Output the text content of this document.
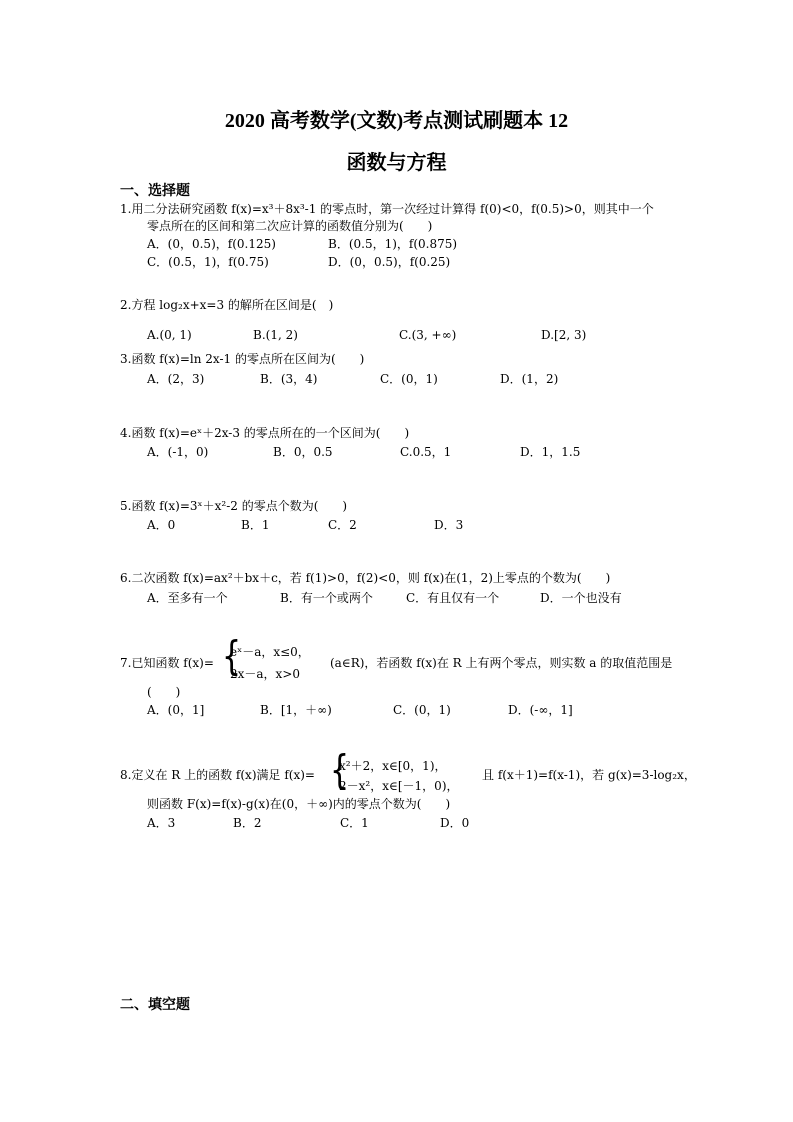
2020 高考数学(文数)考点测试刷题本 12
函数与方程
一、选择题
1.用二分法研究函数 f(x)=x³＋8x³-1 的零点时，第一次经过计算得 f(0)<0，f(0.5)>0，则其中一个
零点所在的区间和第二次应计算的函数值分别为(　　)
A．(0，0.5)，f(0.125)	B．(0.5，1)，f(0.875)
C．(0.5，1)，f(0.75)	D．(0，0.5)，f(0.25)
2.方程 log₂x+x=3 的解所在区间是(　)
A.(0, 1)	B.(1, 2)	C.(3, +∞)	D.[2, 3)
3.函数 f(x)=ln 2x-1 的零点所在区间为(　　)
A．(2，3)	B．(3，4)	C．(0，1)	D．(1，2)
4.函数 f(x)=eˣ＋2x-3 的零点所在的一个区间为(　　)
A．(-1，0)	B．0，0.5	C.0.5，1	D．1，1.5
5.函数 f(x)=3ˣ＋x²-2 的零点个数为(　　)
A．0	B．1	C．2	D．3
6.二次函数 f(x)=ax²＋bx＋c，若 f(1)>0，f(2)<0，则 f(x)在(1，2)上零点的个数为(　　)
A．至多有一个	B．有一个或两个	C．有且仅有一个	D．一个也没有
7.已知函数 f(x)= {
eˣ－a，x≤0，
2x－a，x>0
(a∈R)，若函数 f(x)在 R 上有两个零点，则实数 a 的取值范围是
(　　)
A．(0，1]	B．[1，＋∞)	C．(0，1)	D．(-∞，1]
8.定义在 R 上的函数 f(x)满足 f(x)= {
x²＋2，x∈[0，1)，
2－x²，x∈[－1，0)，
且 f(x＋1)=f(x-1)，若 g(x)=3-log₂x，
则函数 F(x)=f(x)-g(x)在(0，＋∞)内的零点个数为(　　)
A．3	B．2	C．1	D．0
二、填空题
